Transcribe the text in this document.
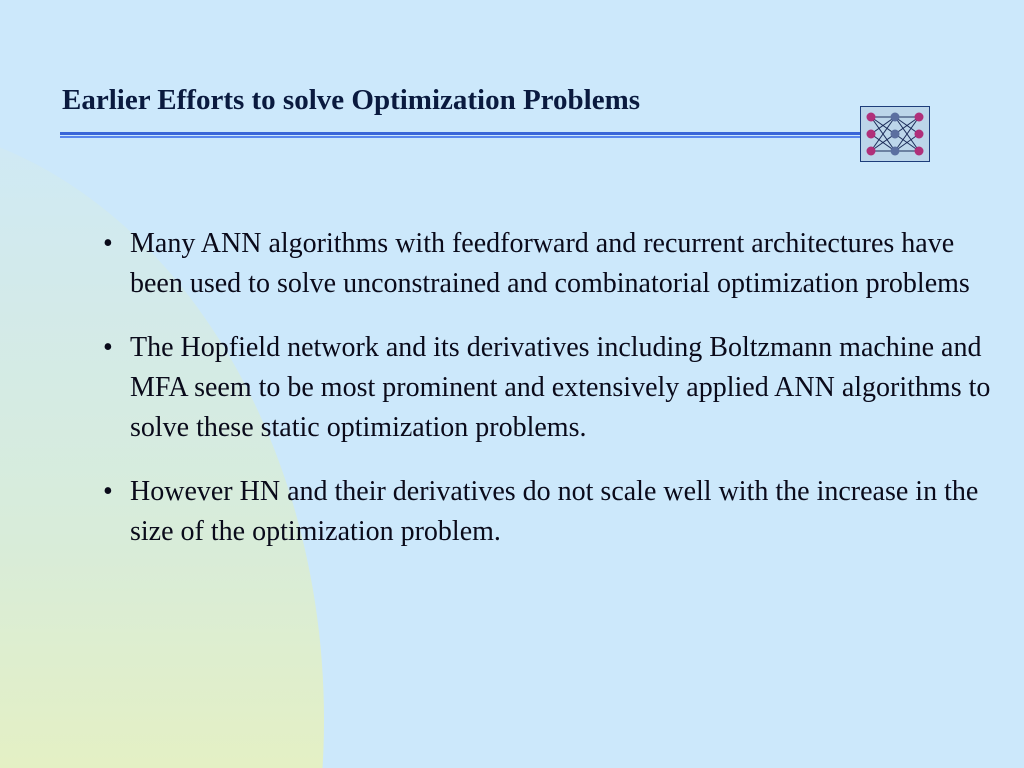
Earlier Efforts to solve Optimization Problems
• Many ANN algorithms with feedforward and recurrent architectures have been used to solve unconstrained and combinatorial optimization problems
• The Hopfield network and its derivatives including Boltzmann machine and MFA seem to be most prominent and extensively applied ANN algorithms to solve these static optimization problems.
• However HN and their derivatives do not scale well with the increase in the size of the optimization problem.
